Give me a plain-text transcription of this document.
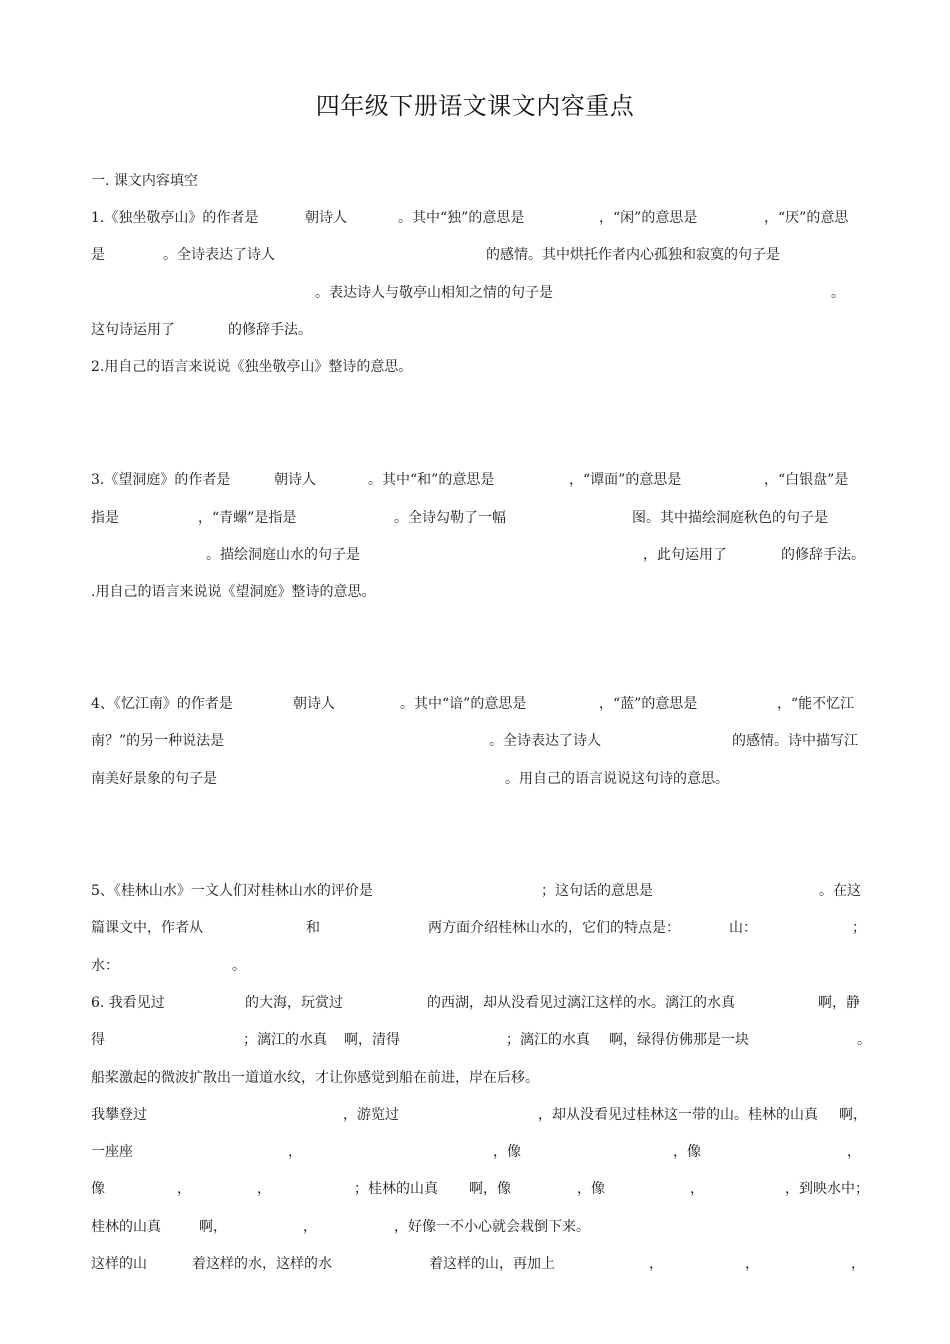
四年级下册语文课文内容重点
一. 课文内容填空
1.《独坐敬亭山》的作者是	朝诗人	。其中“独”的意思是	，“闲”的意思是	，“厌”的意思
是	。全诗表达了诗人	的感情。其中烘托作者内心孤独和寂寞的句子是
。表达诗人与敬亭山相知之情的句子是	。
这句诗运用了	的修辞手法。
2.用自己的语言来说说《独坐敬亭山》整诗的意思。
3.《望洞庭》的作者是	朝诗人	。其中“和”的意思是	，“谭面”的意思是	，“白银盘”是
指是	，“青螺”是指是	。全诗勾勒了一幅	图。其中描绘洞庭秋色的句子是
。描绘洞庭山水的句子是	，此句运用了	的修辞手法。
.用自己的语言来说说《望洞庭》整诗的意思。
4、《忆江南》的作者是	朝诗人	。其中“谙”的意思是	，“蓝”的意思是	，“能不忆江
南？”的另一种说法是	。全诗表达了诗人	的感情。诗中描写江
南美好景象的句子是	。用自己的语言说说这句诗的意思。
5、《桂林山水》一文人们对桂林山水的评价是	；这句话的意思是	。在这
篇课文中，作者从	和	两方面介绍桂林山水的，它们的特点是：	山：	；
水：	。
6. 我看见过	的大海，玩赏过	的西湖，却从没看见过漓江这样的水。漓江的水真	啊，静
得	；漓江的水真 啊，清得	；漓江的水真 啊，绿得仿佛那是一块	。
船桨激起的微波扩散出一道道水纹，才让你感觉到船在前进，岸在后移。
我攀登过	，游览过	，却从没看见过桂林这一带的山。桂林的山真 啊，
一座座	，	，像	，像	，
像	，	，	；桂林的山真 啊，像	，像	，	，到映水中；
桂林的山真	啊，	，	，好像一不小心就会栽倒下来。
这样的山	着这样的水，这样的水	着这样的山，再加上	，	，	，
